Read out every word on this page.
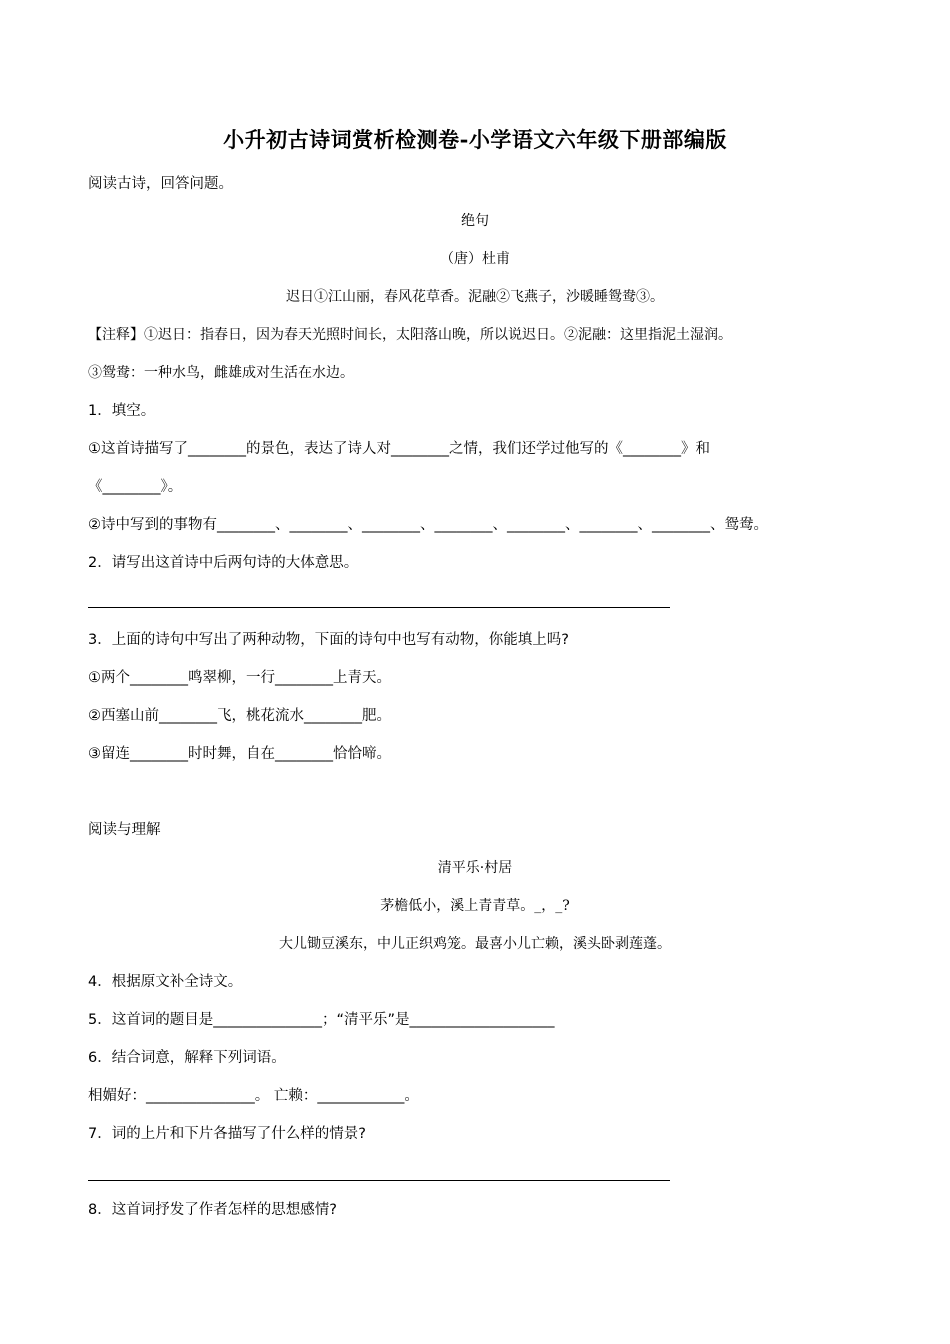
小升初古诗词赏析检测卷-小学语文六年级下册部编版
阅读古诗，回答问题。
绝句
（唐）杜甫
迟日①江山丽，春风花草香。泥融②飞燕子，沙暖睡鸳鸯③。
【注释】①迟日：指春日，因为春天光照时间长，太阳落山晚，所以说迟日。②泥融：这里指泥土湿润。
③鸳鸯：一种水鸟，雌雄成对生活在水边。
1．填空。
①这首诗描写了________的景色，表达了诗人对________之情，我们还学过他写的《________》和
《________》。
②诗中写到的事物有________、________、________、________、________、________、________、鸳鸯。
2．请写出这首诗中后两句诗的大体意思。
3．上面的诗句中写出了两种动物，下面的诗句中也写有动物，你能填上吗?
①两个________鸣翠柳，一行________上青天。
②西塞山前________飞，桃花流水________肥。
③留连________时时舞，自在________恰恰啼。
阅读与理解
清平乐·村居
茅檐低小，溪上青青草。_，_?
大儿锄豆溪东，中儿正织鸡笼。最喜小儿亡赖，溪头卧剥莲蓬。
4．根据原文补全诗文。
5．这首词的题目是_______________；“清平乐”是____________________
6．结合词意，解释下列词语。
相媚好：_______________。 亡赖：____________。
7．词的上片和下片各描写了什么样的情景?
8．这首词抒发了作者怎样的思想感情?
